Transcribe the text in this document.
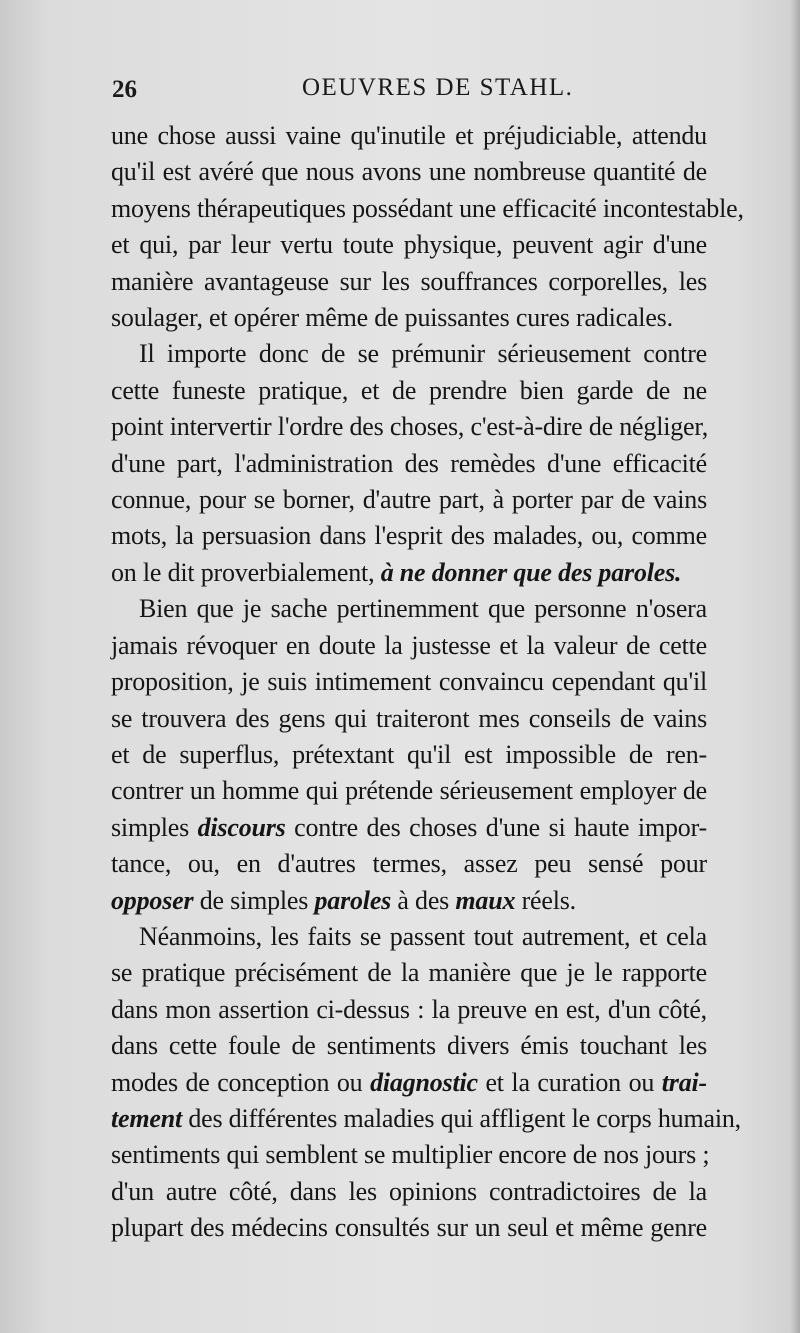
26	OEUVRES DE STAHL.
une chose aussi vaine qu'inutile et préjudiciable, attendu
qu'il est avéré que nous avons une nombreuse quantité de
moyens thérapeutiques possédant une efficacité incontestable,
et qui, par leur vertu toute physique, peuvent agir d'une
manière avantageuse sur les souffrances corporelles, les
soulager, et opérer même de puissantes cures radicales.
Il importe donc de se prémunir sérieusement contre
cette funeste pratique, et de prendre bien garde de ne
point intervertir l'ordre des choses, c'est-à-dire de négliger,
d'une part, l'administration des remèdes d'une efficacité
connue, pour se borner, d'autre part, à porter par de vains
mots, la persuasion dans l'esprit des malades, ou, comme
on le dit proverbialement, à ne donner que des paroles.
Bien que je sache pertinemment que personne n'osera
jamais révoquer en doute la justesse et la valeur de cette
proposition, je suis intimement convaincu cependant qu'il
se trouvera des gens qui traiteront mes conseils de vains
et de superflus, prétextant qu'il est impossible de ren-
contrer un homme qui prétende sérieusement employer de
simples discours contre des choses d'une si haute impor-
tance, ou, en d'autres termes, assez peu sensé pour
opposer de simples paroles à des maux réels.
Néanmoins, les faits se passent tout autrement, et cela
se pratique précisément de la manière que je le rapporte
dans mon assertion ci-dessus : la preuve en est, d'un côté,
dans cette foule de sentiments divers émis touchant les
modes de conception ou diagnostic et la curation ou trai-
tement des différentes maladies qui affligent le corps humain,
sentiments qui semblent se multiplier encore de nos jours ;
d'un autre côté, dans les opinions contradictoires de la
plupart des médecins consultés sur un seul et même genre
